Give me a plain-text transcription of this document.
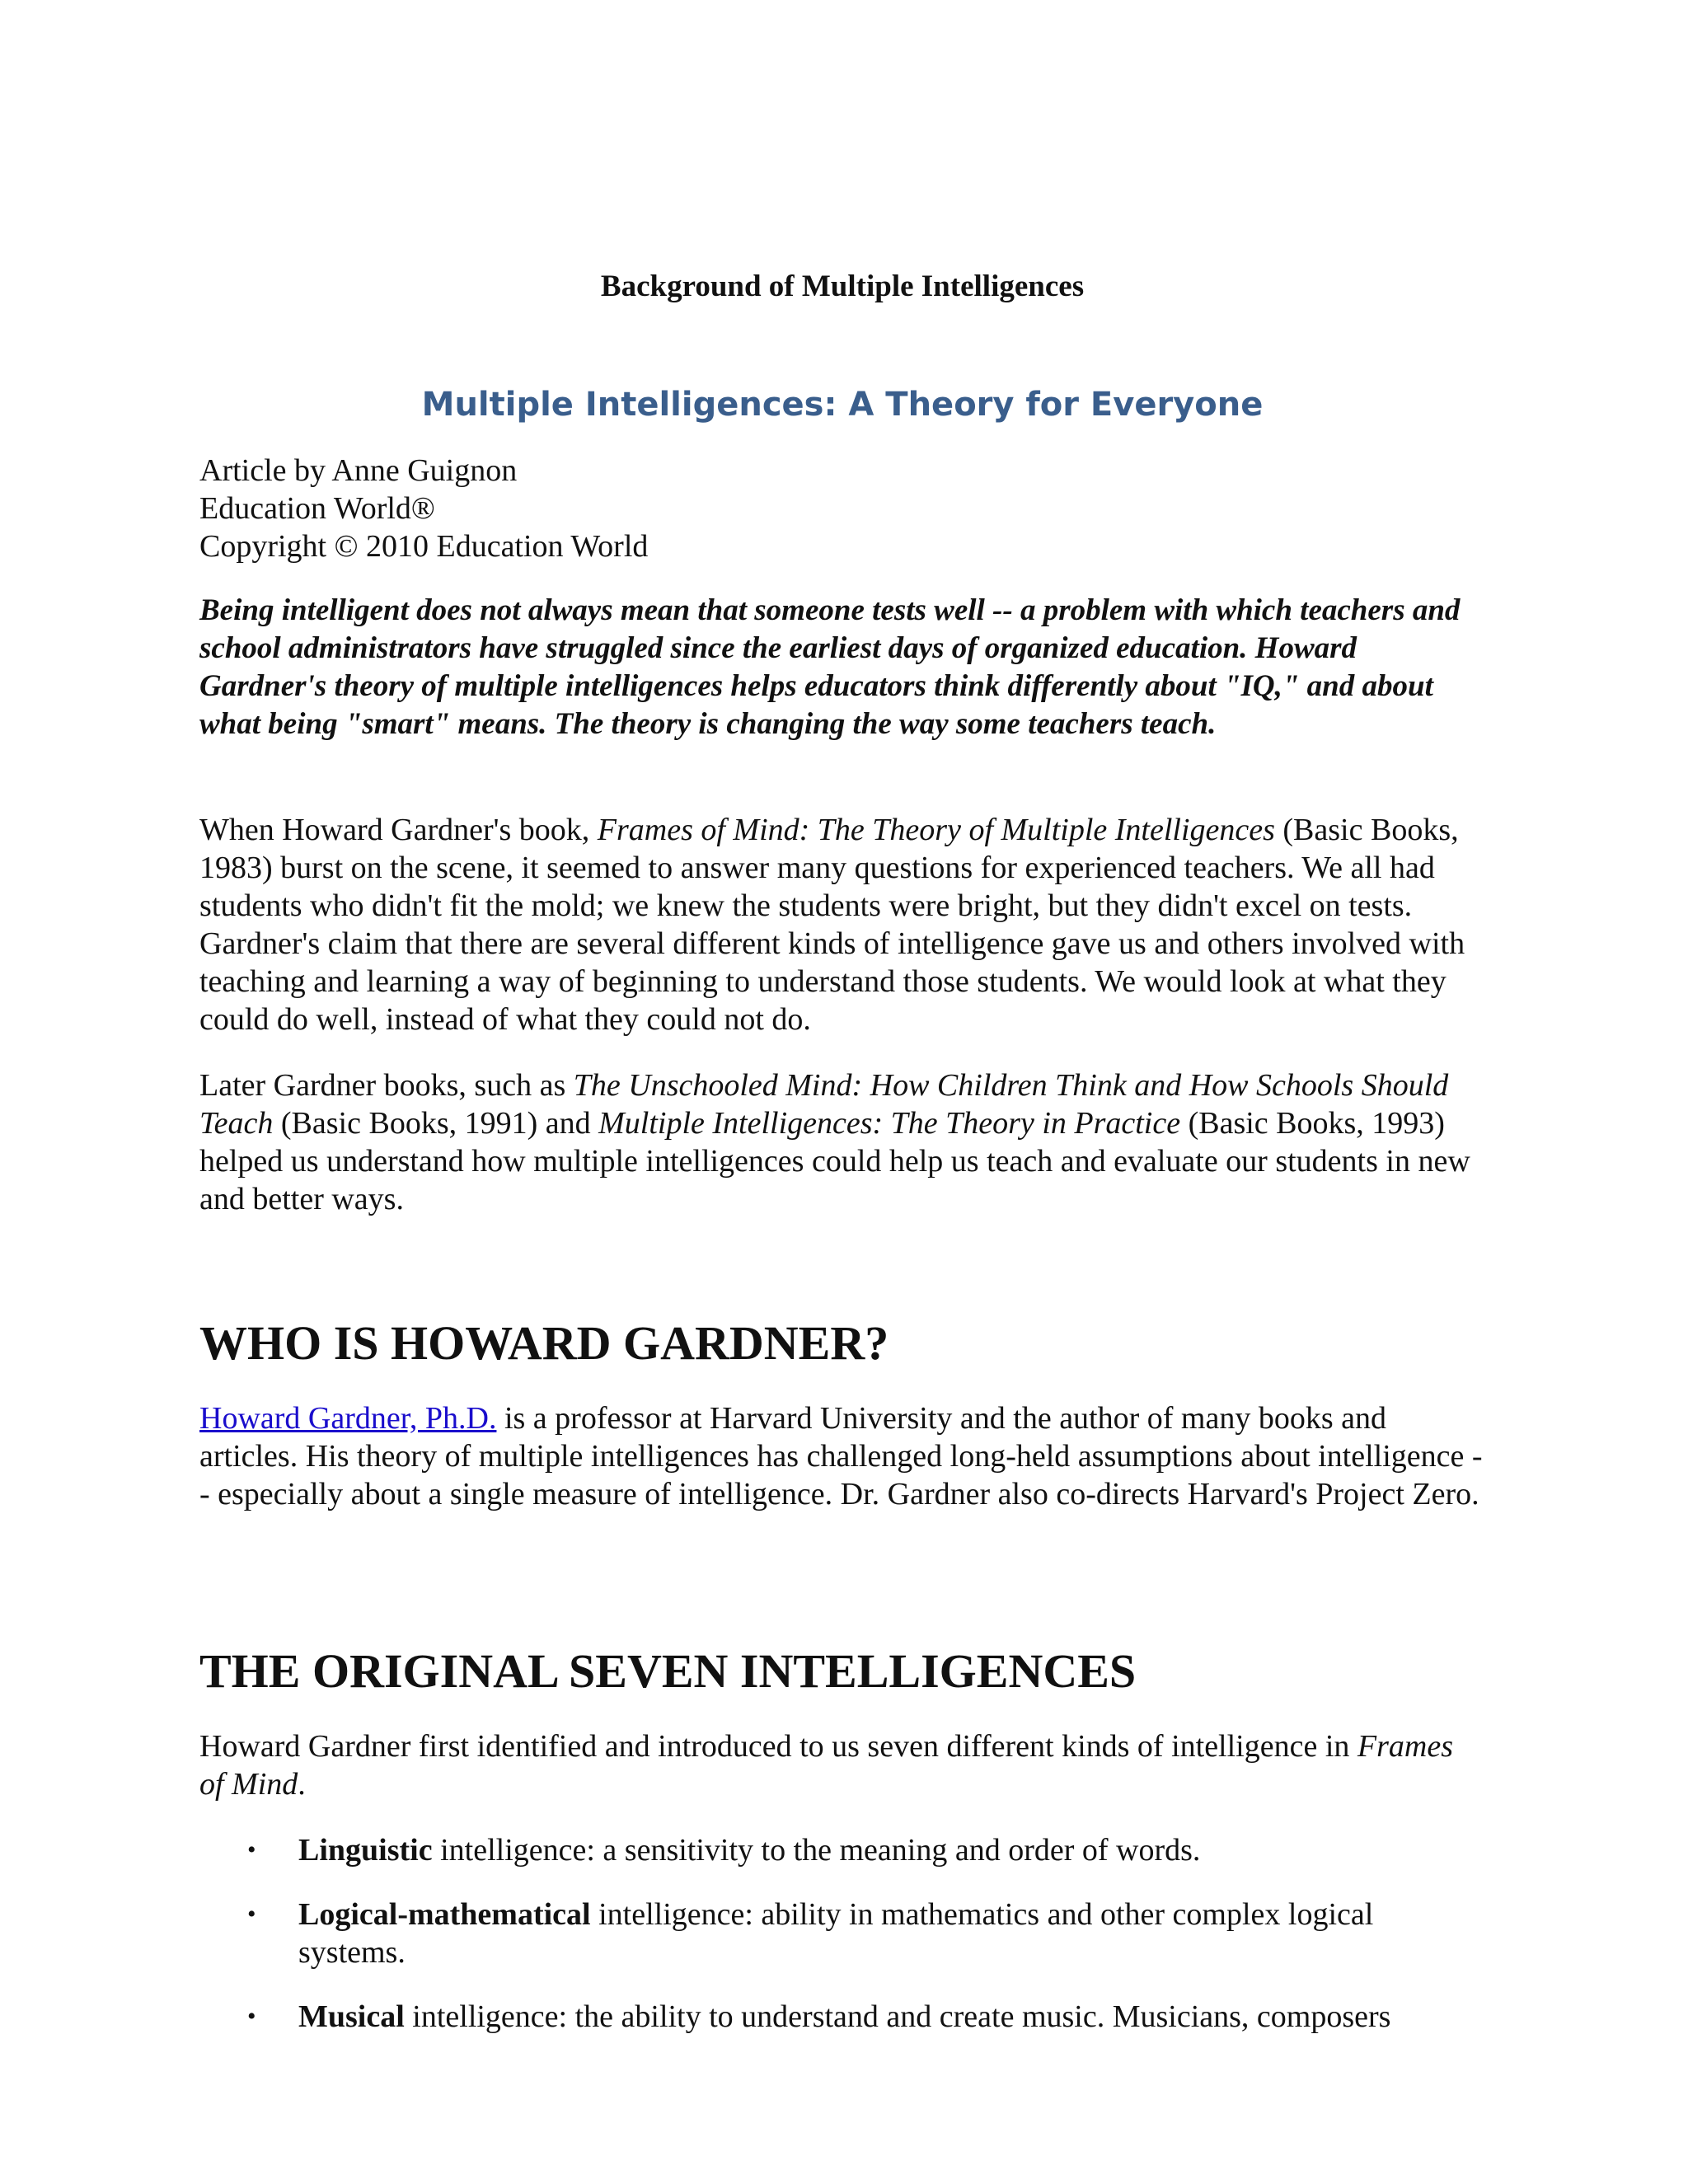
Background of Multiple Intelligences
Multiple Intelligences: A Theory for Everyone
Article by Anne Guignon
Education World®
Copyright © 2010 Education World

Being intelligent does not always mean that someone tests well -- a problem with which teachers and school administrators have struggled since the earliest days of organized education. Howard Gardner's theory of multiple intelligences helps educators think differently about "IQ," and about what being "smart" means. The theory is changing the way some teachers teach.

When Howard Gardner's book, Frames of Mind: The Theory of Multiple Intelligences (Basic Books, 1983) burst on the scene, it seemed to answer many questions for experienced teachers. We all had students who didn't fit the mold; we knew the students were bright, but they didn't excel on tests. Gardner's claim that there are several different kinds of intelligence gave us and others involved with teaching and learning a way of beginning to understand those students. We would look at what they could do well, instead of what they could not do.

Later Gardner books, such as The Unschooled Mind: How Children Think and How Schools Should Teach (Basic Books, 1991) and Multiple Intelligences: The Theory in Practice (Basic Books, 1993) helped us understand how multiple intelligences could help us teach and evaluate our students in new and better ways.

WHO IS HOWARD GARDNER?

Howard Gardner, Ph.D. is a professor at Harvard University and the author of many books and articles. His theory of multiple intelligences has challenged long-held assumptions about intelligence -- especially about a single measure of intelligence. Dr. Gardner also co-directs Harvard's Project Zero.

THE ORIGINAL SEVEN INTELLIGENCES

Howard Gardner first identified and introduced to us seven different kinds of intelligence in Frames of Mind.

• Linguistic intelligence: a sensitivity to the meaning and order of words.
• Logical-mathematical intelligence: ability in mathematics and other complex logical systems.
• Musical intelligence: the ability to understand and create music. Musicians, composers
